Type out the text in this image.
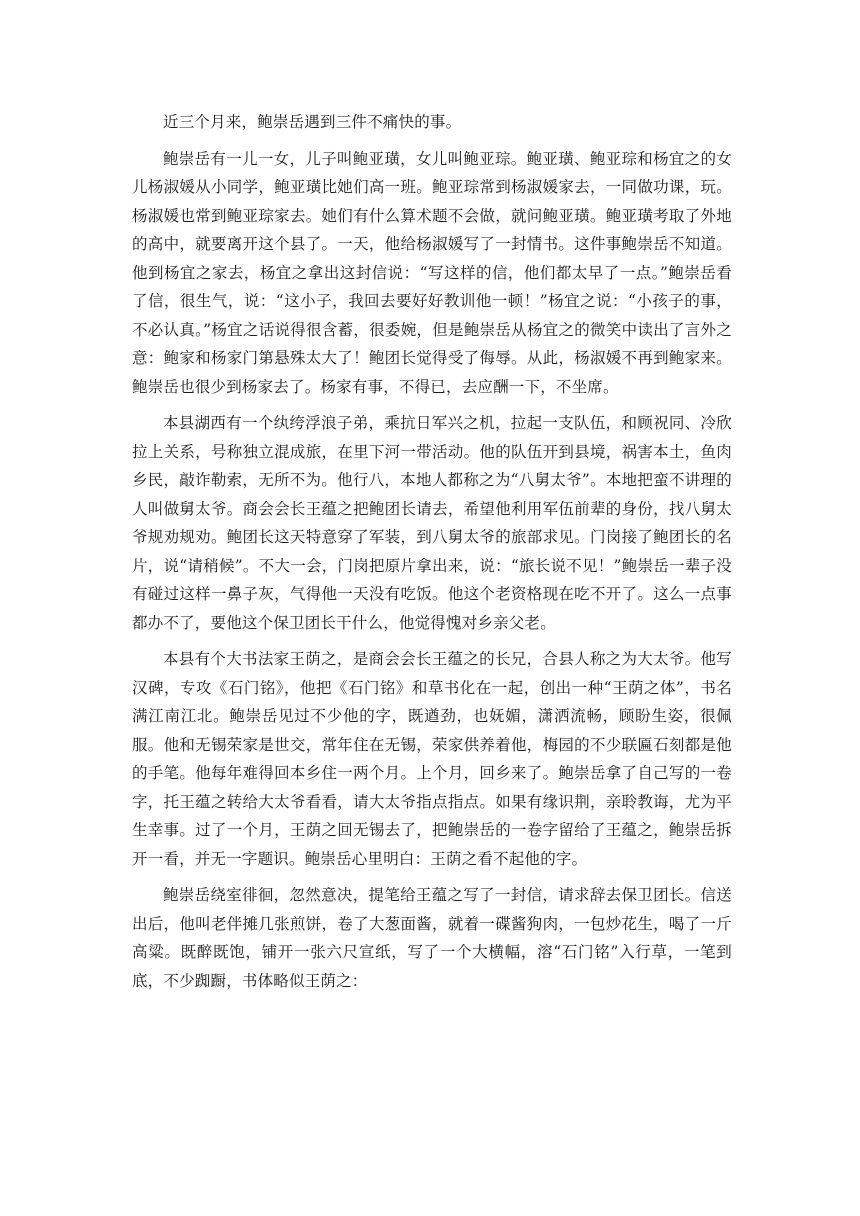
近三个月来，鲍崇岳遇到三件不痛快的事。

鲍崇岳有一儿一女，儿子叫鲍亚璜，女儿叫鲍亚琮。鲍亚璜、鲍亚琮和杨宜之的女儿杨淑媛从小同学，鲍亚璜比她们高一班。鲍亚琮常到杨淑媛家去，一同做功课，玩。杨淑媛也常到鲍亚琮家去。她们有什么算术题不会做，就问鲍亚璜。鲍亚璜考取了外地的高中，就要离开这个县了。一天，他给杨淑媛写了一封情书。这件事鲍崇岳不知道。他到杨宜之家去，杨宜之拿出这封信说：“写这样的信，他们都太早了一点。”鲍崇岳看了信，很生气，说：“这小子，我回去要好好教训他一顿！”杨宜之说：“小孩子的事，不必认真。”杨宜之话说得很含蓄，很委婉，但是鲍崇岳从杨宜之的微笑中读出了言外之意：鲍家和杨家门第悬殊太大了！鲍团长觉得受了侮辱。从此，杨淑媛不再到鲍家来。鲍崇岳也很少到杨家去了。杨家有事，不得已，去应酬一下，不坐席。

本县湖西有一个纨绔浮浪子弟，乘抗日军兴之机，拉起一支队伍，和顾祝同、冷欣拉上关系，号称独立混成旅，在里下河一带活动。他的队伍开到县境，祸害本土，鱼肉乡民，敲诈勒索，无所不为。他行八，本地人都称之为“八舅太爷”。本地把蛮不讲理的人叫做舅太爷。商会会长王蕴之把鲍团长请去，希望他利用军伍前辈的身份，找八舅太爷规劝规劝。鲍团长这天特意穿了军装，到八舅太爷的旅部求见。门岗接了鲍团长的名片，说“请稍候”。不大一会，门岗把原片拿出来，说：“旅长说不见！”鲍崇岳一辈子没有碰过这样一鼻子灰，气得他一天没有吃饭。他这个老资格现在吃不开了。这么一点事都办不了，要他这个保卫团长干什么，他觉得愧对乡亲父老。

本县有个大书法家王荫之，是商会会长王蕴之的长兄，合县人称之为大太爷。他写汉碑，专攻《石门铭》，他把《石门铭》和草书化在一起，创出一种“王荫之体”，书名满江南江北。鲍崇岳见过不少他的字，既遒劲，也妩媚，潇洒流畅，顾盼生姿，很佩服。他和无锡荣家是世交，常年住在无锡，荣家供养着他，梅园的不少联匾石刻都是他的手笔。他每年难得回本乡住一两个月。上个月，回乡来了。鲍崇岳拿了自己写的一卷字，托王蕴之转给大太爷看看，请大太爷指点指点。如果有缘识荆，亲聆教诲，尤为平生幸事。过了一个月，王荫之回无锡去了，把鲍崇岳的一卷字留给了王蕴之，鲍崇岳拆开一看，并无一字题识。鲍崇岳心里明白：王荫之看不起他的字。

鲍崇岳绕室徘徊，忽然意决，提笔给王蕴之写了一封信，请求辞去保卫团长。信送出后，他叫老伴摊几张煎饼，卷了大葱面酱，就着一碟酱狗肉，一包炒花生，喝了一斤高粱。既醉既饱，铺开一张六尺宣纸，写了一个大横幅，溶“石门铭”入行草，一笔到底，不少踟蹰，书体略似王荫之：
